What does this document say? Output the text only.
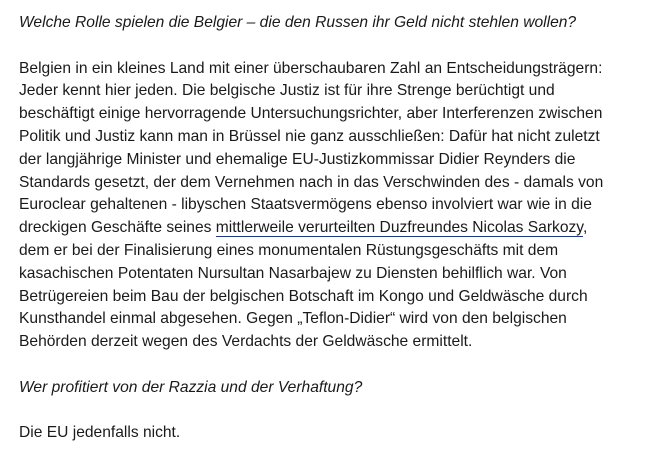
Welche Rolle spielen die Belgier – die den Russen ihr Geld nicht stehlen wollen?
Belgien in ein kleines Land mit einer überschaubaren Zahl an Entscheidungsträgern:
Jeder kennt hier jeden. Die belgische Justiz ist für ihre Strenge berüchtigt und
beschäftigt einige hervorragende Untersuchungsrichter, aber Interferenzen zwischen
Politik und Justiz kann man in Brüssel nie ganz ausschließen: Dafür hat nicht zuletzt
der langjährige Minister und ehemalige EU-Justizkommissar Didier Reynders die
Standards gesetzt, der dem Vernehmen nach in das Verschwinden des - damals von
Euroclear gehaltenen - libyschen Staatsvermögens ebenso involviert war wie in die
dreckigen Geschäfte seines mittlerweile verurteilten Duzfreundes Nicolas Sarkozy,
dem er bei der Finalisierung eines monumentalen Rüstungsgeschäfts mit dem
kasachischen Potentaten Nursultan Nasarbajew zu Diensten behilflich war. Von
Betrügereien beim Bau der belgischen Botschaft im Kongo und Geldwäsche durch
Kunsthandel einmal abgesehen. Gegen „Teflon-Didier“ wird von den belgischen
Behörden derzeit wegen des Verdachts der Geldwäsche ermittelt.
Wer profitiert von der Razzia und der Verhaftung?
Die EU jedenfalls nicht.
